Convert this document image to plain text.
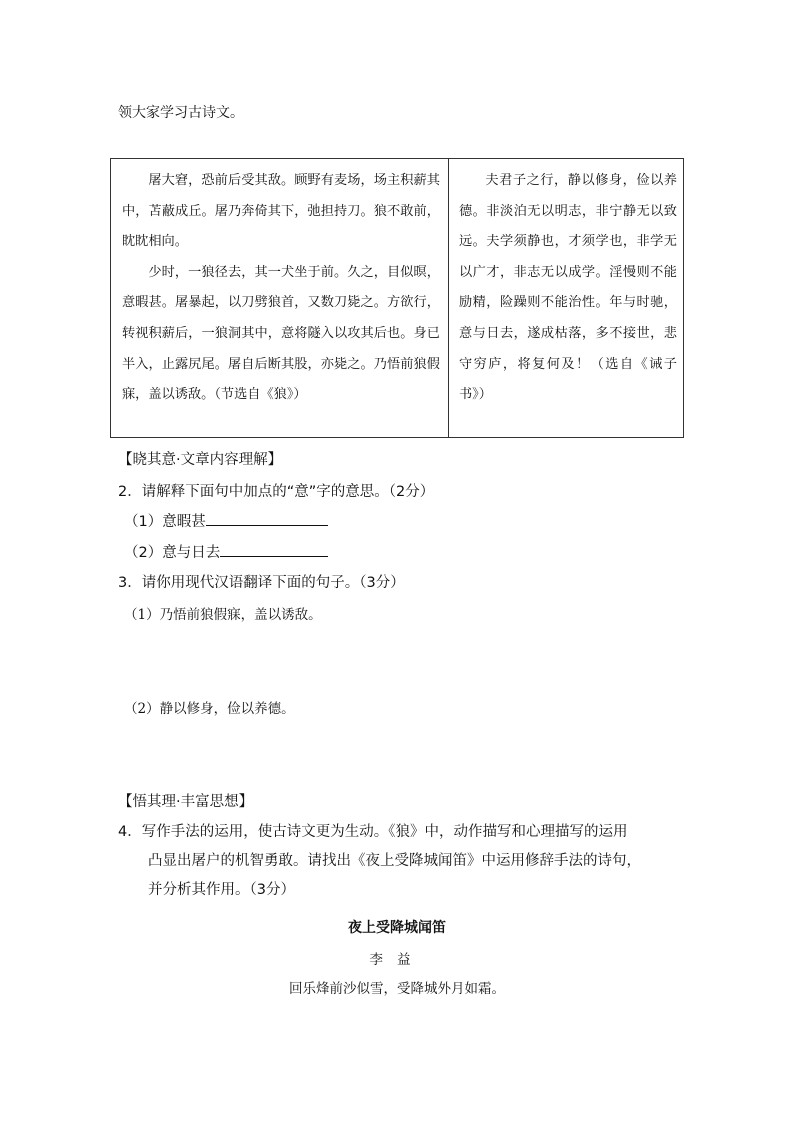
领大家学习古诗文。

屠大窘，恐前后受其敌。顾野有麦场，场主积薪其中，苫蔽成丘。屠乃奔倚其下，弛担持刀。狼不敢前，眈眈相向。

少时，一狼径去，其一犬坐于前。久之，目似暝，意暇甚。屠暴起，以刀劈狼首，又数刀毙之。方欲行，转视积薪后，一狼洞其中，意将隧入以攻其后也。身已半入，止露尻尾。屠自后断其股，亦毙之。乃悟前狼假寐，盖以诱敌。（节选自《狼》）

夫君子之行，静以修身，俭以养德。非淡泊无以明志，非宁静无以致远。夫学须静也，才须学也，非学无以广才，非志无以成学。淫慢则不能励精，险躁则不能治性。年与时驰，意与日去，遂成枯落，多不接世，悲守穷庐，将复何及！（选自《诫子书》）

【晓其意·文章内容理解】
2．请解释下面句中加点的“意”字的意思。（2分）
（1）意暇甚
（2）意与日去
3．请你用现代汉语翻译下面的句子。（3分）
（1）乃悟前狼假寐，盖以诱敌。
（2）静以修身，俭以养德。
【悟其理·丰富思想】
4．写作手法的运用，使古诗文更为生动。《狼》中，动作描写和心理描写的运用
凸显出屠户的机智勇敢。请找出《夜上受降城闻笛》中运用修辞手法的诗句，
并分析其作用。（3分）
夜上受降城闻笛
李益
回乐烽前沙似雪，受降城外月如霜。
